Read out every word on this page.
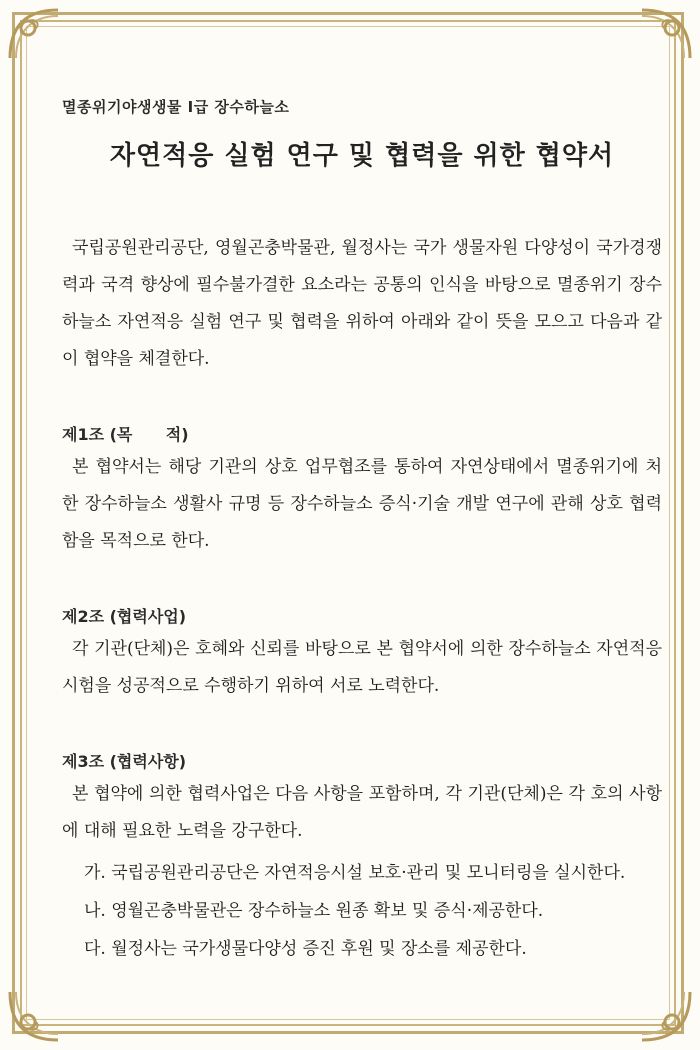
멸종위기야생생물 Ⅰ급 장수하늘소

자연적응 실험 연구 및 협력을 위한 협약서

국립공원관리공단, 영월곤충박물관, 월정사는 국가 생물자원 다양성이 국가경쟁력과 국격 향상에 필수불가결한 요소라는 공통의 인식을 바탕으로 멸종위기 장수하늘소 자연적응 실험 연구 및 협력을 위하여 아래와 같이 뜻을 모으고 다음과 같이 협약을 체결한다.

제1조 (목      적)

본 협약서는 해당 기관의 상호 업무협조를 통하여 자연상태에서 멸종위기에 처한 장수하늘소 생활사 규명 등 장수하늘소 증식·기술 개발 연구에 관해 상호 협력함을 목적으로 한다.

제2조 (협력사업)

각 기관(단체)은 호혜와 신뢰를 바탕으로 본 협약서에 의한 장수하늘소 자연적응시험을 성공적으로 수행하기 위하여 서로 노력한다.

제3조 (협력사항)

본 협약에 의한 협력사업은 다음 사항을 포함하며, 각 기관(단체)은 각 호의 사항에 대해 필요한 노력을 강구한다.

가. 국립공원관리공단은 자연적응시설 보호·관리 및 모니터링을 실시한다.
나. 영월곤충박물관은 장수하늘소 원종 확보 및 증식·제공한다.
다. 월정사는 국가생물다양성 증진 후원 및 장소를 제공한다.
